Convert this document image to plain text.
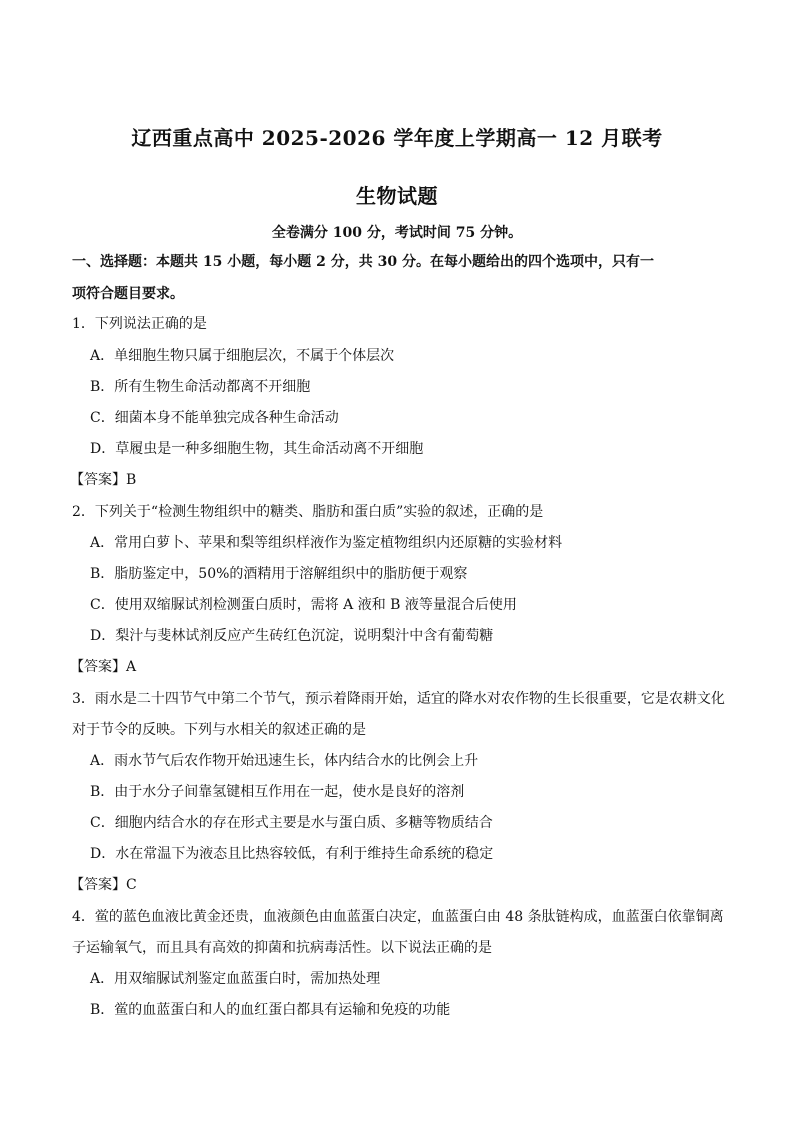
辽西重点高中 2025-2026 学年度上学期高一 12 月联考
生物试题
全卷满分 100 分，考试时间 75 分钟。
一、选择题：本题共 15 小题，每小题 2 分，共 30 分。在每小题给出的四个选项中，只有一
项符合题目要求。
1．下列说法正确的是
A．单细胞生物只属于细胞层次，不属于个体层次
B．所有生物生命活动都离不开细胞
C．细菌本身不能单独完成各种生命活动
D．草履虫是一种多细胞生物，其生命活动离不开细胞
【答案】B
2．下列关于“检测生物组织中的糖类、脂肪和蛋白质”实验的叙述，正确的是
A．常用白萝卜、苹果和梨等组织样液作为鉴定植物组织内还原糖的实验材料
B．脂肪鉴定中，50%的酒精用于溶解组织中的脂肪便于观察
C．使用双缩脲试剂检测蛋白质时，需将 A 液和 B 液等量混合后使用
D．梨汁与斐林试剂反应产生砖红色沉淀，说明梨汁中含有葡萄糖
【答案】A
3．雨水是二十四节气中第二个节气，预示着降雨开始，适宜的降水对农作物的生长很重要，它是农耕文化
对于节令的反映。下列与水相关的叙述正确的是
A．雨水节气后农作物开始迅速生长，体内结合水的比例会上升
B．由于水分子间靠氢键相互作用在一起，使水是良好的溶剂
C．细胞内结合水的存在形式主要是水与蛋白质、多糖等物质结合
D．水在常温下为液态且比热容较低，有利于维持生命系统的稳定
【答案】C
4．鲎的蓝色血液比黄金还贵，血液颜色由血蓝蛋白决定，血蓝蛋白由 48 条肽链构成，血蓝蛋白依靠铜离
子运输氧气，而且具有高效的抑菌和抗病毒活性。以下说法正确的是
A．用双缩脲试剂鉴定血蓝蛋白时，需加热处理
B．鲎的血蓝蛋白和人的血红蛋白都具有运输和免疫的功能
